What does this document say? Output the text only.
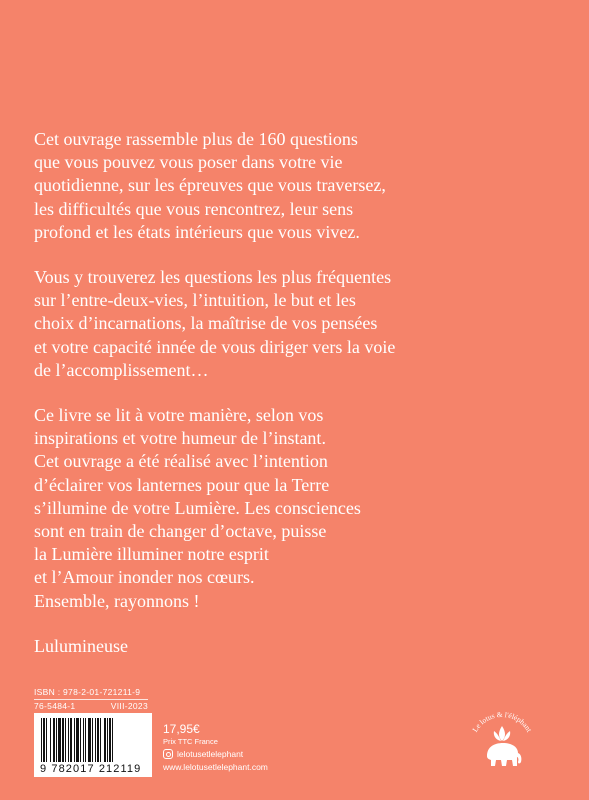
Cet ouvrage rassemble plus de 160 questions
que vous pouvez vous poser dans votre vie
quotidienne, sur les épreuves que vous traversez,
les difficultés que vous rencontrez, leur sens
profond et les états intérieurs que vous vivez.
Vous y trouverez les questions les plus fréquentes
sur l’entre-deux-vies, l’intuition, le but et les
choix d’incarnations, la maîtrise de vos pensées
et votre capacité innée de vous diriger vers la voie
de l’accomplissement…
Ce livre se lit à votre manière, selon vos
inspirations et votre humeur de l’instant.
Cet ouvrage a été réalisé avec l’intention
d’éclairer vos lanternes pour que la Terre
s’illumine de votre Lumière. Les consciences
sont en train de changer d’octave, puisse
la Lumière illuminer notre esprit
et l’Amour inonder nos cœurs.
Ensemble, rayonnons !

Lulumineuse

ISBN : 978-2-01-721211-9
76-5484-1	VIII-2023
9 782017 212119
17,95€
Prix TTC France
lelotusetlelephant
www.lelotusetlelephant.com
Le lotus & l'éléphant
